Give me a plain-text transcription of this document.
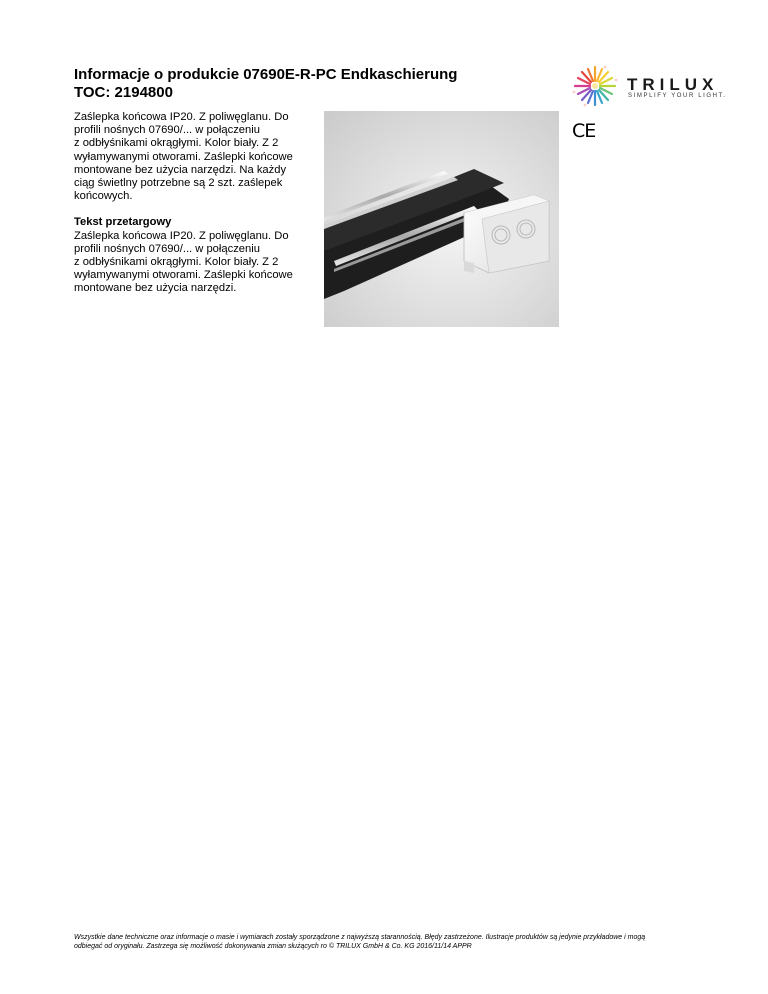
Informacje o produkcie 07690E-R-PC Endkaschierung
TOC: 2194800	TRILUX
SIMPLIFY YOUR LIGHT.
CE

Zaślepka końcowa IP20. Z poliwęglanu. Do

profili nośnych 07690/... w połączeniu

z odbłyśnikami okrągłymi. Kolor biały. Z 2

wyłamywanymi otworami. Zaślepki końcowe

montowane bez użycia narzędzi. Na każdy

ciąg świetlny potrzebne są 2 szt. zaślepek

końcowych.

Tekst przetargowy

Zaślepka końcowa IP20. Z poliwęglanu. Do

profili nośnych 07690/... w połączeniu

z odbłyśnikami okrągłymi. Kolor biały. Z 2

wyłamywanymi otworami. Zaślepki końcowe

montowane bez użycia narzędzi.

Wszystkie dane techniczne oraz informacje o masie i wymiarach zostały sporządzone z najwyższą starannością. Błędy zastrzeżone. Ilustracje produktów są jedynie przykładowe i mogą

odbiegać od oryginału. Zastrzega się możliwość dokonywania zmian służących ro © TRILUX GmbH & Co. KG 2016/11/14 APPR
